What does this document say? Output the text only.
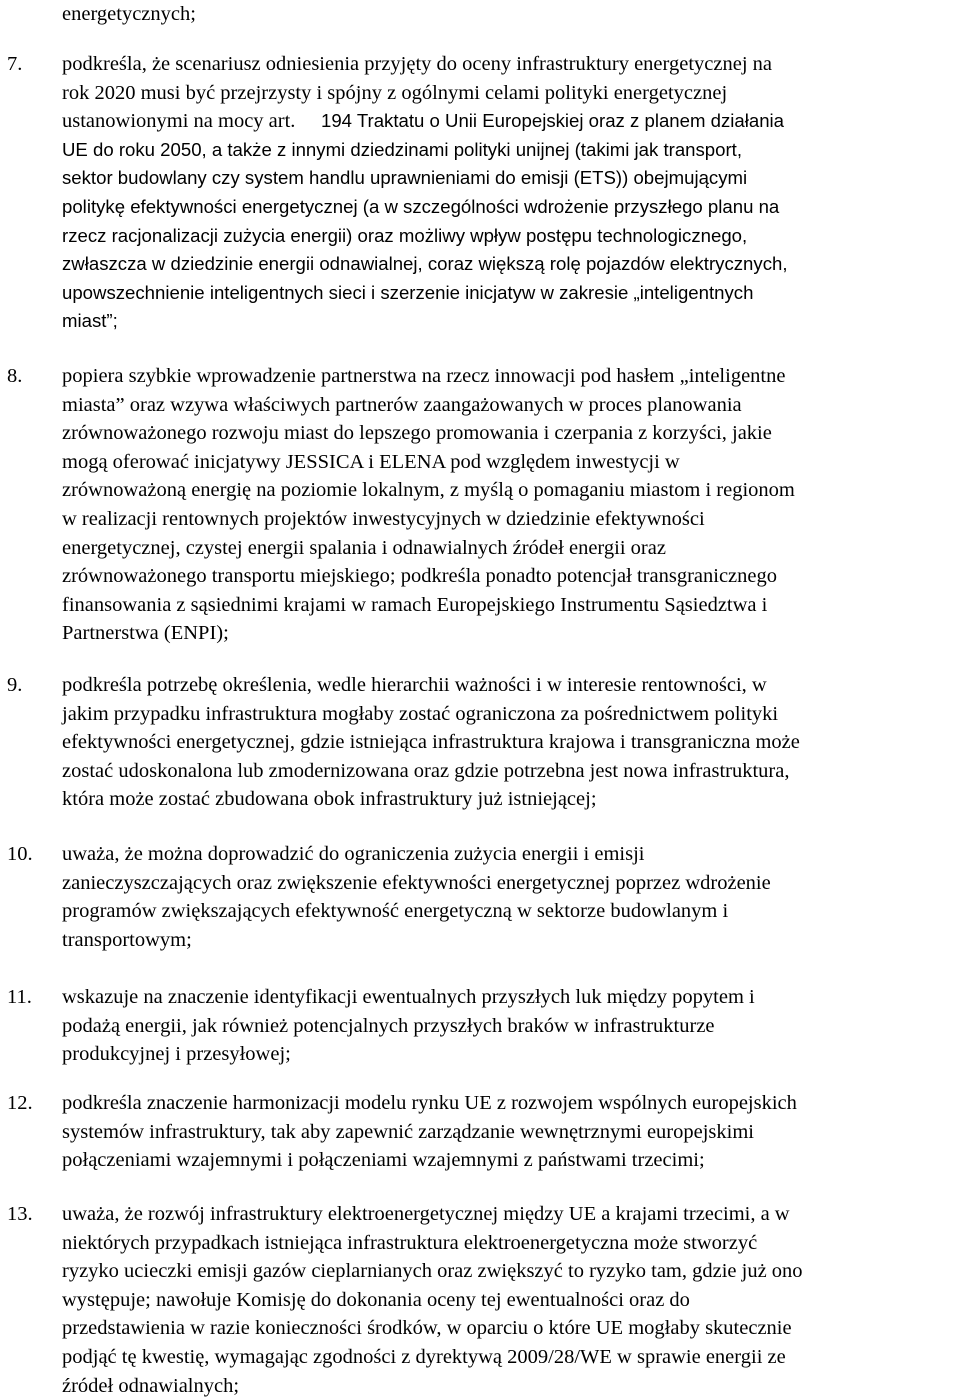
energetycznych;
7. podkreśla, że scenariusz odniesienia przyjęty do oceny infrastruktury energetycznej na
rok 2020 musi być przejrzysty i spójny z ogólnymi celami polityki energetycznej
ustanowionymi na mocy art. 194 Traktatu o Unii Europejskiej oraz z planem działania
UE do roku 2050, a także z innymi dziedzinami polityki unijnej (takimi jak transport,
sektor budowlany czy system handlu uprawnieniami do emisji (ETS)) obejmującymi
politykę efektywności energetycznej (a w szczególności wdrożenie przyszłego planu na
rzecz racjonalizacji zużycia energii) oraz możliwy wpływ postępu technologicznego,
zwłaszcza w dziedzinie energii odnawialnej, coraz większą rolę pojazdów elektrycznych,
upowszechnienie inteligentnych sieci i szerzenie inicjatyw w zakresie „inteligentnych
miast”;
8. popiera szybkie wprowadzenie partnerstwa na rzecz innowacji pod hasłem „inteligentne
miasta” oraz wzywa właściwych partnerów zaangażowanych w proces planowania
zrównoważonego rozwoju miast do lepszego promowania i czerpania z korzyści, jakie
mogą oferować inicjatywy JESSICA i ELENA pod względem inwestycji w
zrównoważoną energię na poziomie lokalnym, z myślą o pomaganiu miastom i regionom
w realizacji rentownych projektów inwestycyjnych w dziedzinie efektywności
energetycznej, czystej energii spalania i odnawialnych źródeł energii oraz
zrównoważonego transportu miejskiego; podkreśla ponadto potencjał transgranicznego
finansowania z sąsiednimi krajami w ramach Europejskiego Instrumentu Sąsiedztwa i
Partnerstwa (ENPI);
9. podkreśla potrzebę określenia, wedle hierarchii ważności i w interesie rentowności, w
jakim przypadku infrastruktura mogłaby zostać ograniczona za pośrednictwem polityki
efektywności energetycznej, gdzie istniejąca infrastruktura krajowa i transgraniczna może
zostać udoskonalona lub zmodernizowana oraz gdzie potrzebna jest nowa infrastruktura,
która może zostać zbudowana obok infrastruktury już istniejącej;
10. uważa, że można doprowadzić do ograniczenia zużycia energii i emisji
zanieczyszczających oraz zwiększenie efektywności energetycznej poprzez wdrożenie
programów zwiększających efektywność energetyczną w sektorze budowlanym i
transportowym;
11. wskazuje na znaczenie identyfikacji ewentualnych przyszłych luk między popytem i
podażą energii, jak również potencjalnych przyszłych braków w infrastrukturze
produkcyjnej i przesyłowej;
12. podkreśla znaczenie harmonizacji modelu rynku UE z rozwojem wspólnych europejskich
systemów infrastruktury, tak aby zapewnić zarządzanie wewnętrznymi europejskimi
połączeniami wzajemnymi i połączeniami wzajemnymi z państwami trzecimi;
13. uważa, że rozwój infrastruktury elektroenergetycznej między UE a krajami trzecimi, a w
niektórych przypadkach istniejąca infrastruktura elektroenergetyczna może stworzyć
ryzyko ucieczki emisji gazów cieplarnianych oraz zwiększyć to ryzyko tam, gdzie już ono
występuje; nawołuje Komisję do dokonania oceny tej ewentualności oraz do
przedstawienia w razie konieczności środków, w oparciu o które UE mogłaby skutecznie
podjąć tę kwestię, wymagając zgodności z dyrektywą 2009/28/WE w sprawie energii ze
źródeł odnawialnych;
